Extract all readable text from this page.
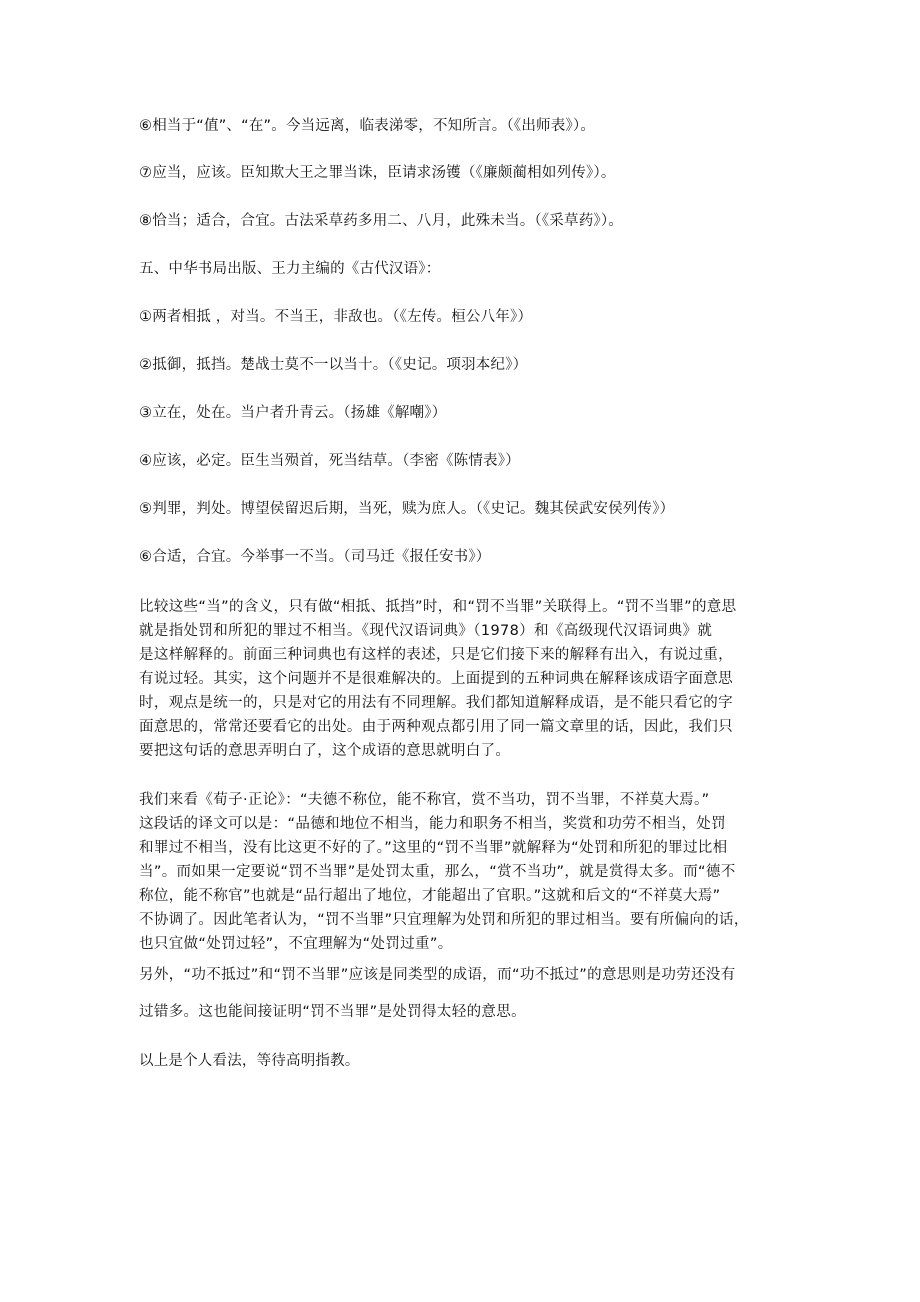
⑥相当于“值”、“在”。今当远离，临表涕零，不知所言。（《出师表》）。
⑦应当，应该。臣知欺大王之罪当诛，臣请求汤镬（《廉颇蔺相如列传》）。
⑧恰当；适合，合宜。古法采草药多用二、八月，此殊未当。（《采草药》）。
五、中华书局出版、王力主编的《古代汉语》：
①两者相抵 ，对当。不当王，非敌也。（《左传。桓公八年》）
②抵御，抵挡。楚战士莫不一以当十。（《史记。项羽本纪》）
③立在，处在。当户者升青云。（扬雄《解嘲》）
④应该，必定。臣生当殒首，死当结草。（李密《陈情表》）
⑤判罪，判处。博望侯留迟后期，当死，赎为庶人。（《史记。魏其侯武安侯列传》）
⑥合适，合宜。今举事一不当。（司马迁《报任安书》）
比较这些“当”的含义，只有做“相抵、抵挡”时，和“罚不当罪”关联得上。“罚不当罪”的意思
就是指处罚和所犯的罪过不相当。《现代汉语词典》（1978）和《高级现代汉语词典》就
是这样解释的。前面三种词典也有这样的表述，只是它们接下来的解释有出入，有说过重，
有说过轻。其实，这个问题并不是很难解决的。上面提到的五种词典在解释该成语字面意思
时，观点是统一的，只是对它的用法有不同理解。我们都知道解释成语，是不能只看它的字
面意思的，常常还要看它的出处。由于两种观点都引用了同一篇文章里的话，因此，我们只
要把这句话的意思弄明白了，这个成语的意思就明白了。
我们来看《荀子·正论》：“夫德不称位，能不称官，赏不当功，罚不当罪，不祥莫大焉。”
这段话的译文可以是：“品德和地位不相当，能力和职务不相当，奖赏和功劳不相当，处罚
和罪过不相当，没有比这更不好的了。”这里的“罚不当罪”就解释为“处罚和所犯的罪过比相
当”。而如果一定要说“罚不当罪”是处罚太重，那么，“赏不当功”，就是赏得太多。而“德不
称位，能不称官”也就是“品行超出了地位，才能超出了官职。”这就和后文的“不祥莫大焉”
不协调了。因此笔者认为，“罚不当罪”只宜理解为处罚和所犯的罪过相当。要有所偏向的话，
也只宜做“处罚过轻”，不宜理解为“处罚过重”。
另外，“功不抵过”和“罚不当罪”应该是同类型的成语，而“功不抵过”的意思则是功劳还没有
过错多。这也能间接证明“罚不当罪”是处罚得太轻的意思。
以上是个人看法，等待高明指教。
